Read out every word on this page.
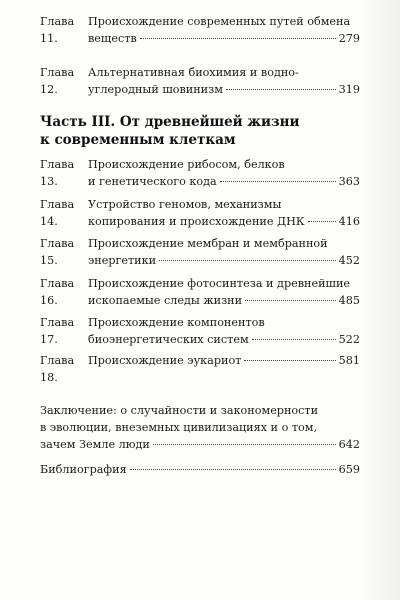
Глава 11.
Происхождение современных путей обмена
веществ	279
Глава 12.
Альтернативная биохимия и водно-
углеродный шовинизм	319
Часть III. От древнейшей жизни
к современным клеткам
Глава 13.
Происхождение рибосом, белков
и генетического кода	363
Глава 14.
Устройство геномов, механизмы
копирования и происхождение ДНК	416
Глава 15.
Происхождение мембран и мембранной
энергетики	452
Глава 16.
Происхождение фотосинтеза и древнейшие
ископаемые следы жизни	485
Глава 17.
Происхождение компонентов
биоэнергетических систем	522
Глава 18.
Происхождение эукариот	581
Заключение: о случайности и закономерности
в эволюции, внеземных цивилизациях и о том,
зачем Земле люди	642
Библиография	659
